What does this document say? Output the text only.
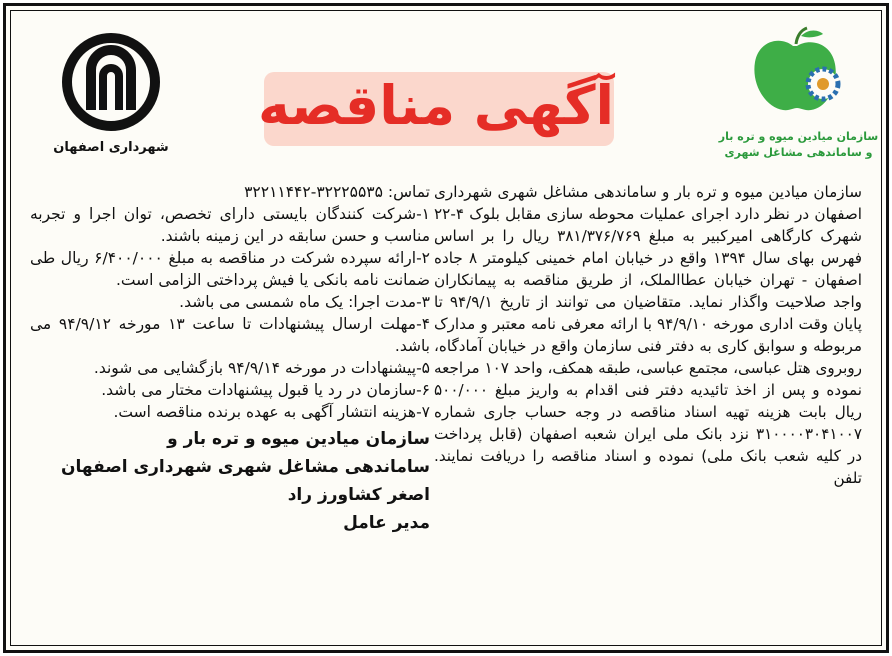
شهرداری اصفهان
آگهی مناقصه	سازمان میادین میوه و تره بار
و ساماندهی مشاغل شهری

سازمان میادین میوه و تره بار و ساماندهی مشاغل شهری شهرداری اصفهان در نظر دارد اجرای عملیات محوطه سازی مقابل بلوک ۴-۲۲ شهرک کارگاهی امیرکبیر به مبلغ ۳۸۱/۳۷۶/۷۶۹ ریال را بر اساس فهرس بهای سال ۱۳۹۴ واقع در خیابان امام خمینی کیلومتر ۸ جاده اصفهان - تهران خیابان عطاالملک، از طریق مناقصه به پیمانکاران واجد صلاحیت واگذار نماید. متقاضیان می توانند از تاریخ ۹۴/۹/۱ تا پایان وقت اداری مورخه ۹۴/۹/۱۰ با ارائه معرفی نامه معتبر و مدارک مربوطه و سوابق کاری به دفتر فنی سازمان واقع در خیابان آمادگاه، روبروی هتل عباسی، مجتمع عباسی، طبقه همکف، واحد ۱۰۷ مراجعه نموده و پس از اخذ تائیدیه دفتر فنی اقدام به واریز مبلغ ۵۰۰/۰۰۰ ریال بابت هزینه تهیه اسناد مناقصه در وجه حساب جاری شماره ۳۱۰۰۰۰۳۰۴۱۰۰۷ نزد بانک ملی ایران شعبه اصفهان (قابل پرداخت در کلیه شعب بانک ملی) نموده و اسناد مناقصه را دریافت نمایند. تلفن

تماس: ۳۲۲۲۵۵۳۵-۳۲۲۱۱۴۴۲

۱-شرکت کنندگان بایستی دارای تخصص، توان اجرا و تجربه مناسب و حسن سابقه در این زمینه باشند.

۲-ارائه سپرده شرکت در مناقصه به مبلغ ۶/۴۰۰/۰۰۰ ریال طی ضمانت نامه بانکی یا فیش پرداختی الزامی است.

۳-مدت اجرا: یک ماه شمسی می باشد.

۴-مهلت ارسال پیشنهادات تا ساعت ۱۳ مورخه ۹۴/۹/۱۲ می باشد.

۵-پیشنهادات در مورخه ۹۴/۹/۱۴ بازگشایی می شوند.

۶-سازمان در رد یا قبول پیشنهادات مختار می باشد.

۷-هزینه انتشار آگهی به عهده برنده مناقصه است.

سازمان میادین میوه و تره بار و

ساماندهی مشاغل شهری شهرداری اصفهان

اصغر کشاورز راد

مدیر عامل
